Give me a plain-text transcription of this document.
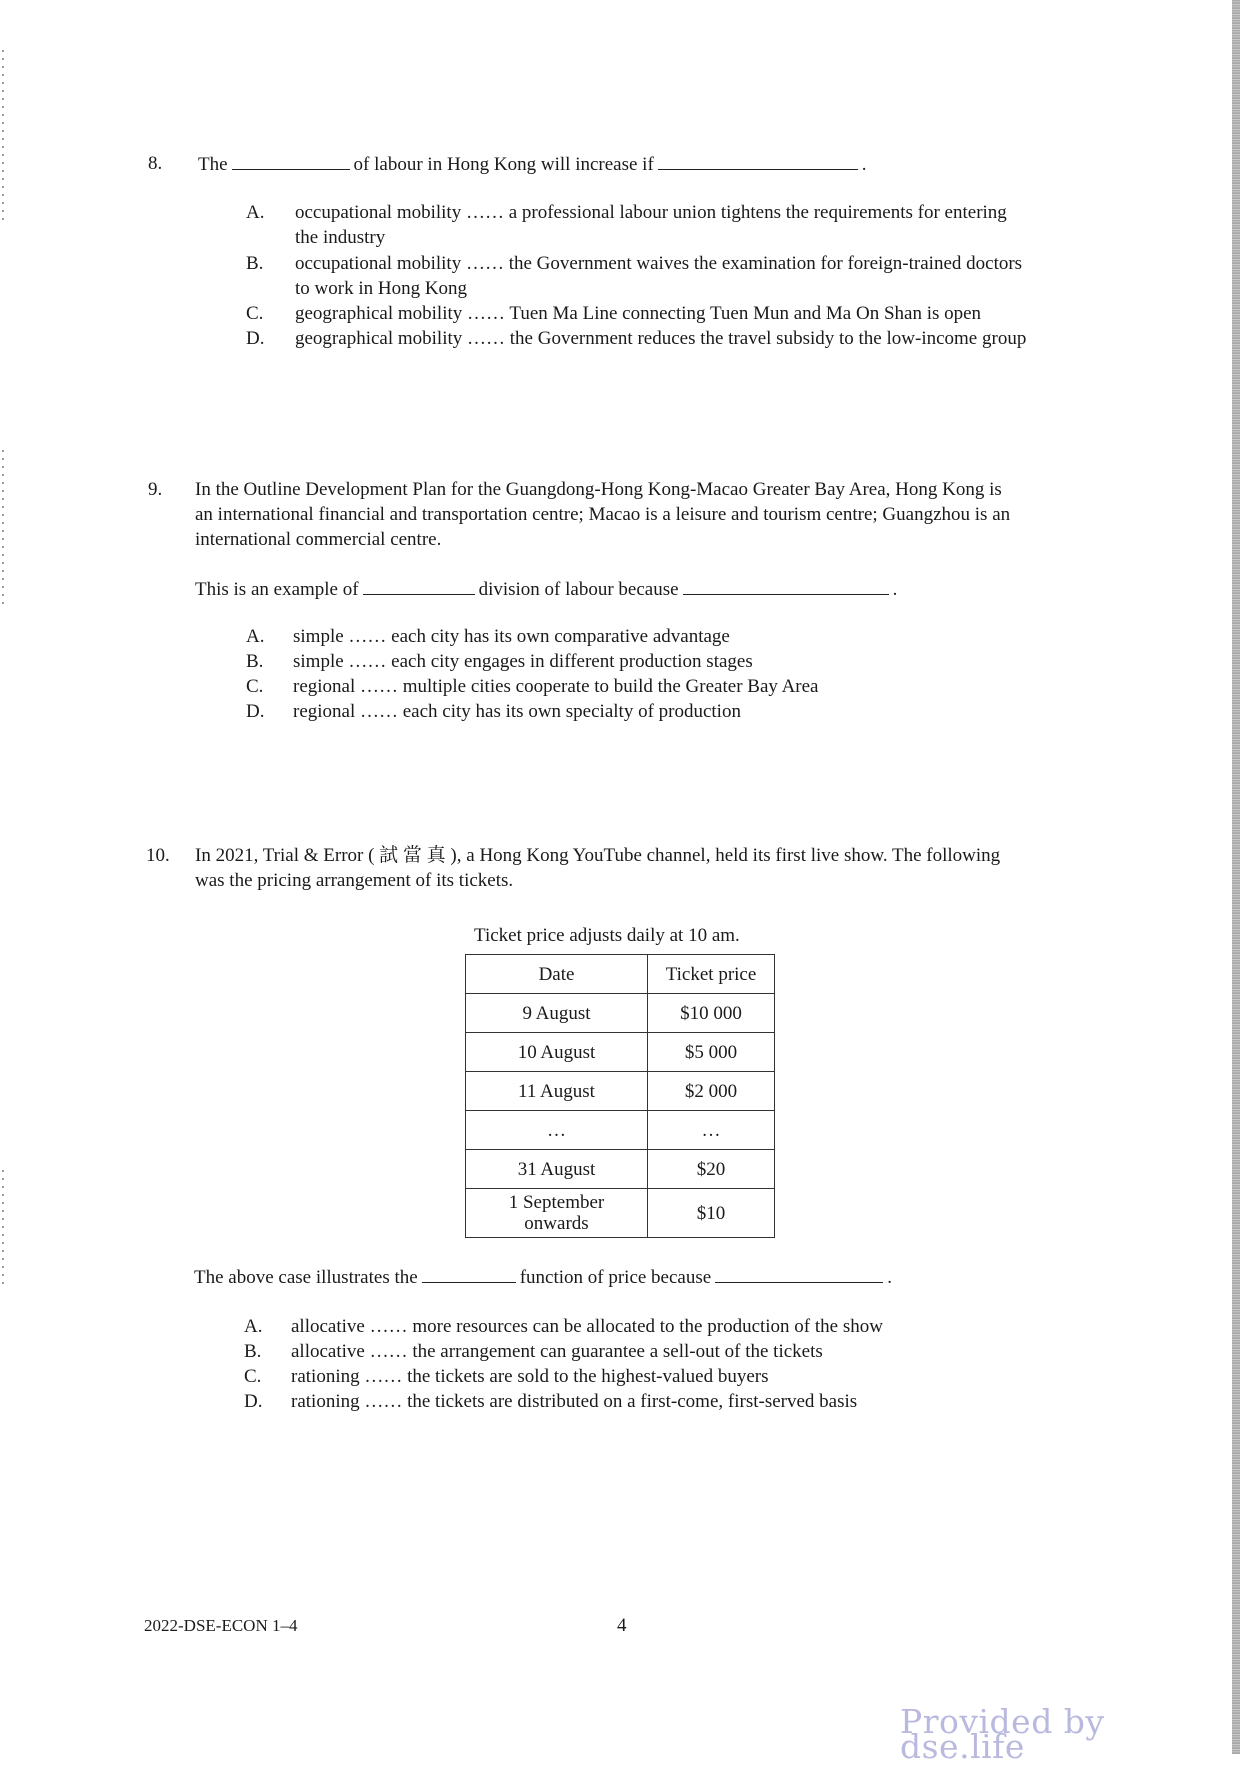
8. The	of labour in Hong Kong will increase if	.
A. occupational mobility …… a professional labour union tightens the requirements for entering
the industry
B. occupational mobility …… the Government waives the examination for foreign-trained doctors
to work in Hong Kong
C. geographical mobility …… Tuen Ma Line connecting Tuen Mun and Ma On Shan is open
D. geographical mobility …… the Government reduces the travel subsidy to the low-income group
9. In the Outline Development Plan for the Guangdong-Hong Kong-Macao Greater Bay Area, Hong Kong is
an international financial and transportation centre; Macao is a leisure and tourism centre; Guangzhou is an
international commercial centre.
This is an example of	division of labour because	.
A. simple …… each city has its own comparative advantage
B. simple …… each city engages in different production stages
C. regional …… multiple cities cooperate to build the Greater Bay Area
D. regional …… each city has its own specialty of production
10. In 2021, Trial & Error ( 試 當 真 ), a Hong Kong YouTube channel, held its first live show. The following
was the pricing arrangement of its tickets.
Ticket price adjusts daily at 10 am.
Date	Ticket price
9 August	$10 000
10 August	$5 000
11 August	$2 000
…	…
31 August	$20
1 September onwards	$10
The above case illustrates the	function of price because	.
A. allocative …… more resources can be allocated to the production of the show
B. allocative …… the arrangement can guarantee a sell-out of the tickets
C. rationing …… the tickets are sold to the highest-valued buyers
D. rationing …… the tickets are distributed on a first-come, first-served basis
2022-DSE-ECON 1–4	4
Provided by dse.life
